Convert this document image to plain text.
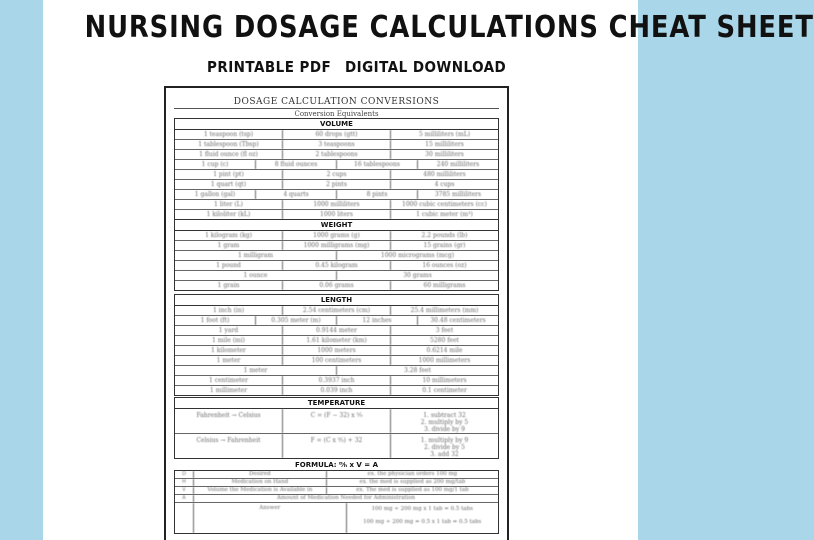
NURSING DOSAGE CALCULATIONS CHEAT SHEET
PRINTABLE PDF DIGITAL DOWNLOAD
DOSAGE CALCULATION CONVERSIONS
Conversion Equivalents
VOLUME
1 teaspoon (tsp)	60 drops (gtt)	5 milliliters (mL)
1 tablespoon (Tbsp)	3 teaspoons	15 milliliters
1 fluid ounce (fl oz)	2 tablespoons	30 milliliters
1 cup (c)	8 fluid ounces	16 tablespoons	240 milliliters
1 pint (pt)	2 cups	480 milliliters
1 quart (qt)	2 pints	4 cups
1 gallon (gal)	4 quarts	8 pints	3785 milliliters
1 liter (L)	1000 milliliters	1000 cubic centimeters (cc)
1 kiloliter (kL)	1000 liters	1 cubic meter (m³)
WEIGHT
1 kilogram (kg)	1000 grams (g)	2.2 pounds (lb)
1 gram	1000 milligrams (mg)	15 grains (gr)
1 milligram	1000 micrograms (mcg)
1 pound	0.45 kilogram	16 ounces (oz)
1 ounce	30 grams
1 grain	0.06 grams	60 milligrams
LENGTH
1 inch (in)	2.54 centimeters (cm)	25.4 millimeters (mm)
1 foot (ft)	0.305 meter (m)	12 inches	30.48 centimeters
1 yard	0.9144 meter	3 feet
1 mile (mi)	1.61 kilometer (km)	5280 feet
1 kilometer	1000 meters	0.6214 mile
1 meter	100 centimeters	1000 millimeters
1 meter	3.28 feet
1 centimeter	0.3937 inch	10 millimeters
1 millimeter	0.039 inch	0.1 centimeter
TEMPERATURE
Fahrenheit → Celsius	C = (F − 32) x ⁵⁄₉	1. subtract 32
2. multiply by 5
3. divide by 9
Celsius → Fahrenheit	F = (C x ⁹⁄₅) + 32	1. multiply by 9
2. divide by 5
3. add 32
FORMULA: ᴰ⁄ₕ x V = A
D	Desired	ex. the physician orders 100 mg
H	Medication on Hand	ex. the med is supplied as 200 mg/tab
V	Volume the Medication is Available in	ex. The med is supplied as 100 mg/1 tab
A	Amount of Medication Needed for Administration
Answer	100 mg ÷ 200 mg x 1 tab = 0.5 tabs
100 mg ÷ 200 mg = 0.5 x 1 tab = 0.5 tabs
